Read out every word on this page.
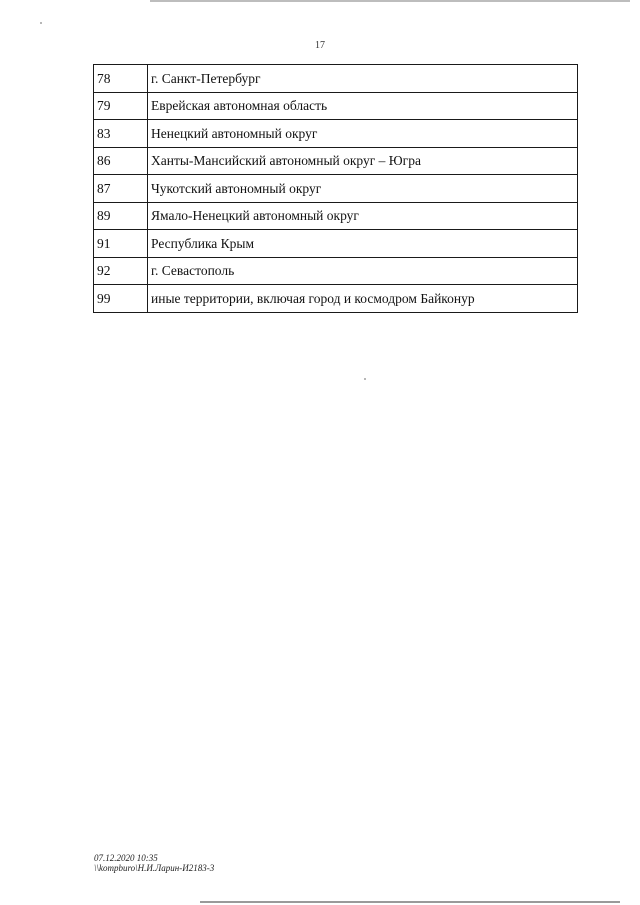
17
78	г. Санкт-Петербург
79	Еврейская автономная область
83	Ненецкий автономный округ
86	Ханты-Мансийский автономный округ – Югра
87	Чукотский автономный округ
89	Ямало-Ненецкий автономный округ
91	Республика Крым
92	г. Севастополь
99	иные территории, включая город и космодром Байконур
07.12.2020 10:35
\\kompburo\Н.И.Ларин-И2183-3
